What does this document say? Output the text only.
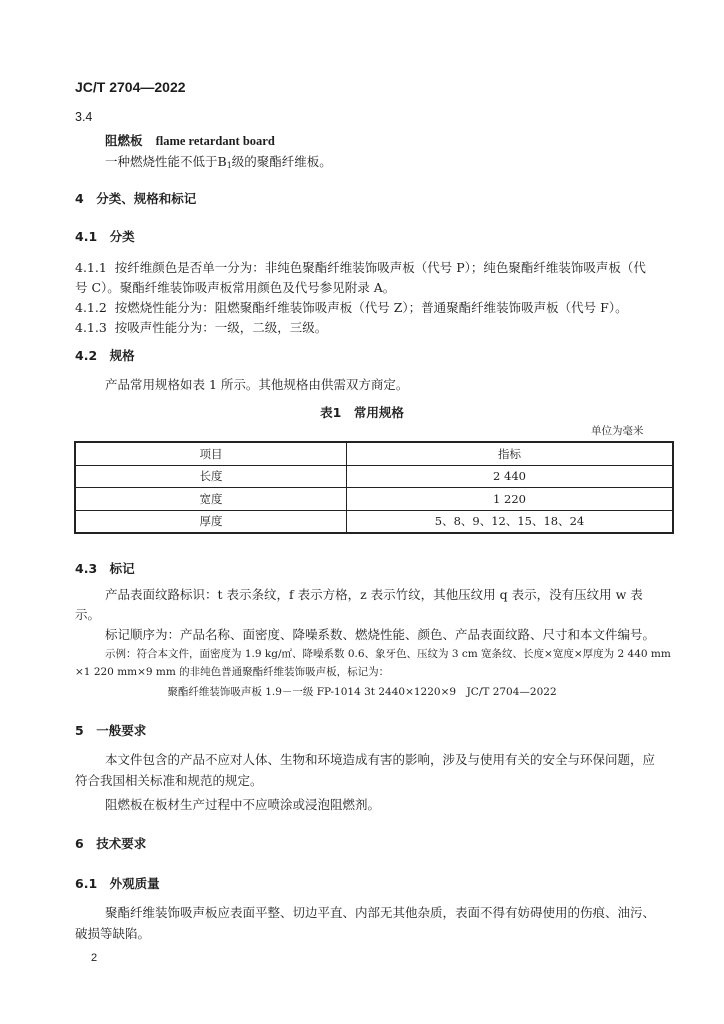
JC/T 2704—2022
3.4
阻燃板 flame retardant board
一种燃烧性能不低于$B_1$级的聚酯纤维板。
4　分类、规格和标记
4.1　分类
4.1.1 按纤维颜色是否单一分为：非纯色聚酯纤维装饰吸声板（代号 P）；纯色聚酯纤维装饰吸声板（代
号 C）。聚酯纤维装饰吸声板常用颜色及代号参见附录 A。
4.1.2 按燃烧性能分为：阻燃聚酯纤维装饰吸声板（代号 Z）；普通聚酯纤维装饰吸声板（代号 F）。
4.1.3 按吸声性能分为：一级，二级，三级。
4.2　规格
产品常用规格如表 1 所示。其他规格由供需双方商定。
表1　常用规格
单位为毫米
项目	指标
长度	2 440
宽度	1 220
厚度	5、8、9、12、15、18、24
4.3　标记
产品表面纹路标识：t 表示条纹，f 表示方格，z 表示竹纹，其他压纹用 q 表示，没有压纹用 w 表
示。
标记顺序为：产品名称、面密度、降噪系数、燃烧性能、颜色、产品表面纹路、尺寸和本文件编号。
示例：符合本文件，面密度为 1.9 kg/㎡、降噪系数 0.6、象牙色、压纹为 3 cm 宽条纹、长度×宽度×厚度为 2 440 mm
×1 220 mm×9 mm 的非纯色普通聚酯纤维装饰吸声板，标记为：
聚酯纤维装饰吸声板 1.9－一级 FP-1014 3t 2440×1220×9　JC/T 2704—2022
5　一般要求
本文件包含的产品不应对人体、生物和环境造成有害的影响，涉及与使用有关的安全与环保问题，应符合我国相关标准和规范的规定。
阻燃板在板材生产过程中不应喷涂或浸泡阻燃剂。
6　技术要求
6.1　外观质量
聚酯纤维装饰吸声板应表面平整、切边平直、内部无其他杂质，表面不得有妨碍使用的伤痕、油污、破损等缺陷。
2
